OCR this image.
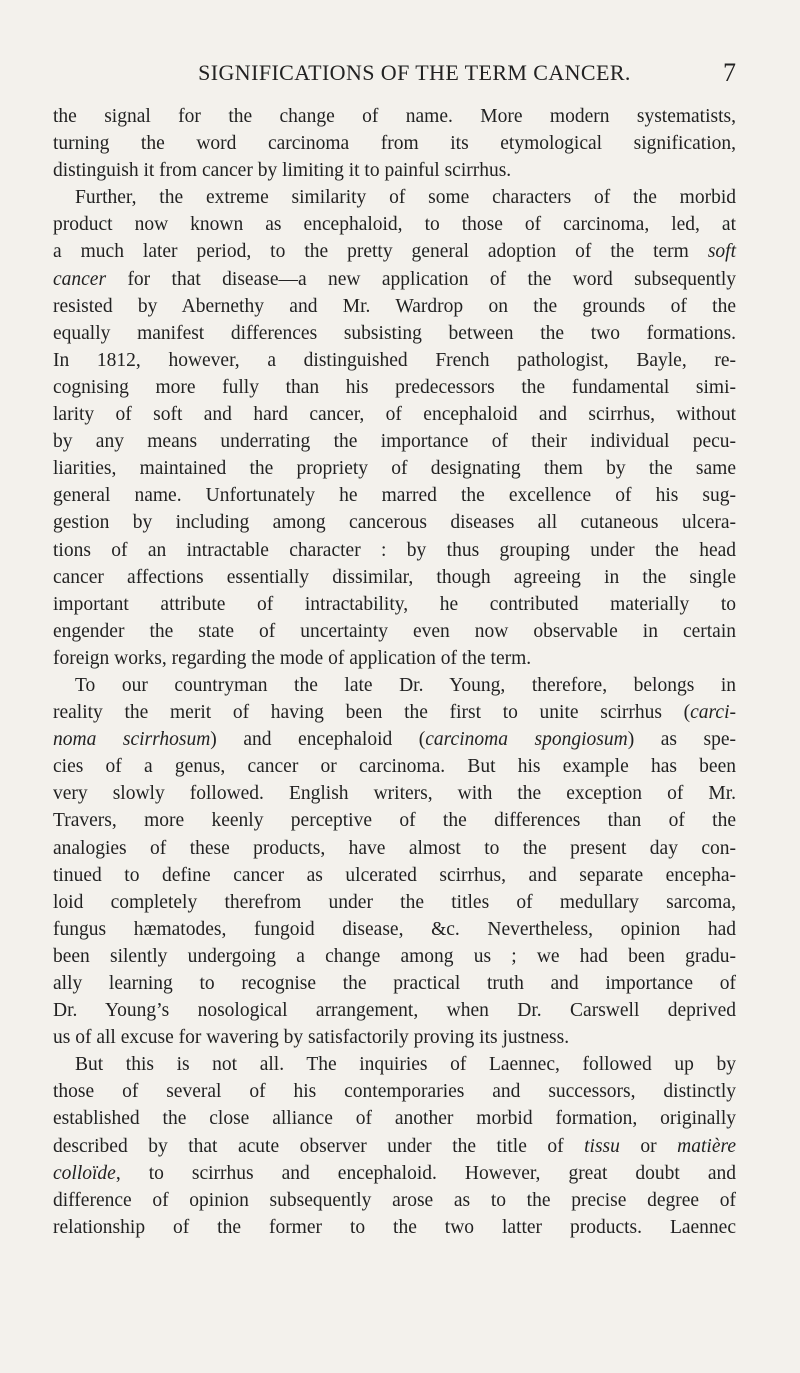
SIGNIFICATIONS OF THE TERM CANCER.	7
the signal for the change of name. More modern systematists,
turning the word carcinoma from its etymological signification,
distinguish it from cancer by limiting it to painful scirrhus.
Further, the extreme similarity of some characters of the morbid
product now known as encephaloid, to those of carcinoma, led, at
a much later period, to the pretty general adoption of the term soft
cancer for that disease—a new application of the word subsequently
resisted by Abernethy and Mr. Wardrop on the grounds of the
equally manifest differences subsisting between the two formations.
In 1812, however, a distinguished French pathologist, Bayle, re-
cognising more fully than his predecessors the fundamental simi-
larity of soft and hard cancer, of encephaloid and scirrhus, without
by any means underrating the importance of their individual pecu-
liarities, maintained the propriety of designating them by the same
general name. Unfortunately he marred the excellence of his sug-
gestion by including among cancerous diseases all cutaneous ulcera-
tions of an intractable character : by thus grouping under the head
cancer affections essentially dissimilar, though agreeing in the single
important attribute of intractability, he contributed materially to
engender the state of uncertainty even now observable in certain
foreign works, regarding the mode of application of the term.
To our countryman the late Dr. Young, therefore, belongs in
reality the merit of having been the first to unite scirrhus (carci-
noma scirrhosum) and encephaloid (carcinoma spongiosum) as spe-
cies of a genus, cancer or carcinoma. But his example has been
very slowly followed. English writers, with the exception of Mr.
Travers, more keenly perceptive of the differences than of the
analogies of these products, have almost to the present day con-
tinued to define cancer as ulcerated scirrhus, and separate encepha-
loid completely therefrom under the titles of medullary sarcoma,
fungus hæmatodes, fungoid disease, &c. Nevertheless, opinion had
been silently undergoing a change among us ; we had been gradu-
ally learning to recognise the practical truth and importance of
Dr. Young’s nosological arrangement, when Dr. Carswell deprived
us of all excuse for wavering by satisfactorily proving its justness.
But this is not all. The inquiries of Laennec, followed up by
those of several of his contemporaries and successors, distinctly
established the close alliance of another morbid formation, originally
described by that acute observer under the title of tissu or matière
colloïde, to scirrhus and encephaloid. However, great doubt and
difference of opinion subsequently arose as to the precise degree of
relationship of the former to the two latter products. Laennec
